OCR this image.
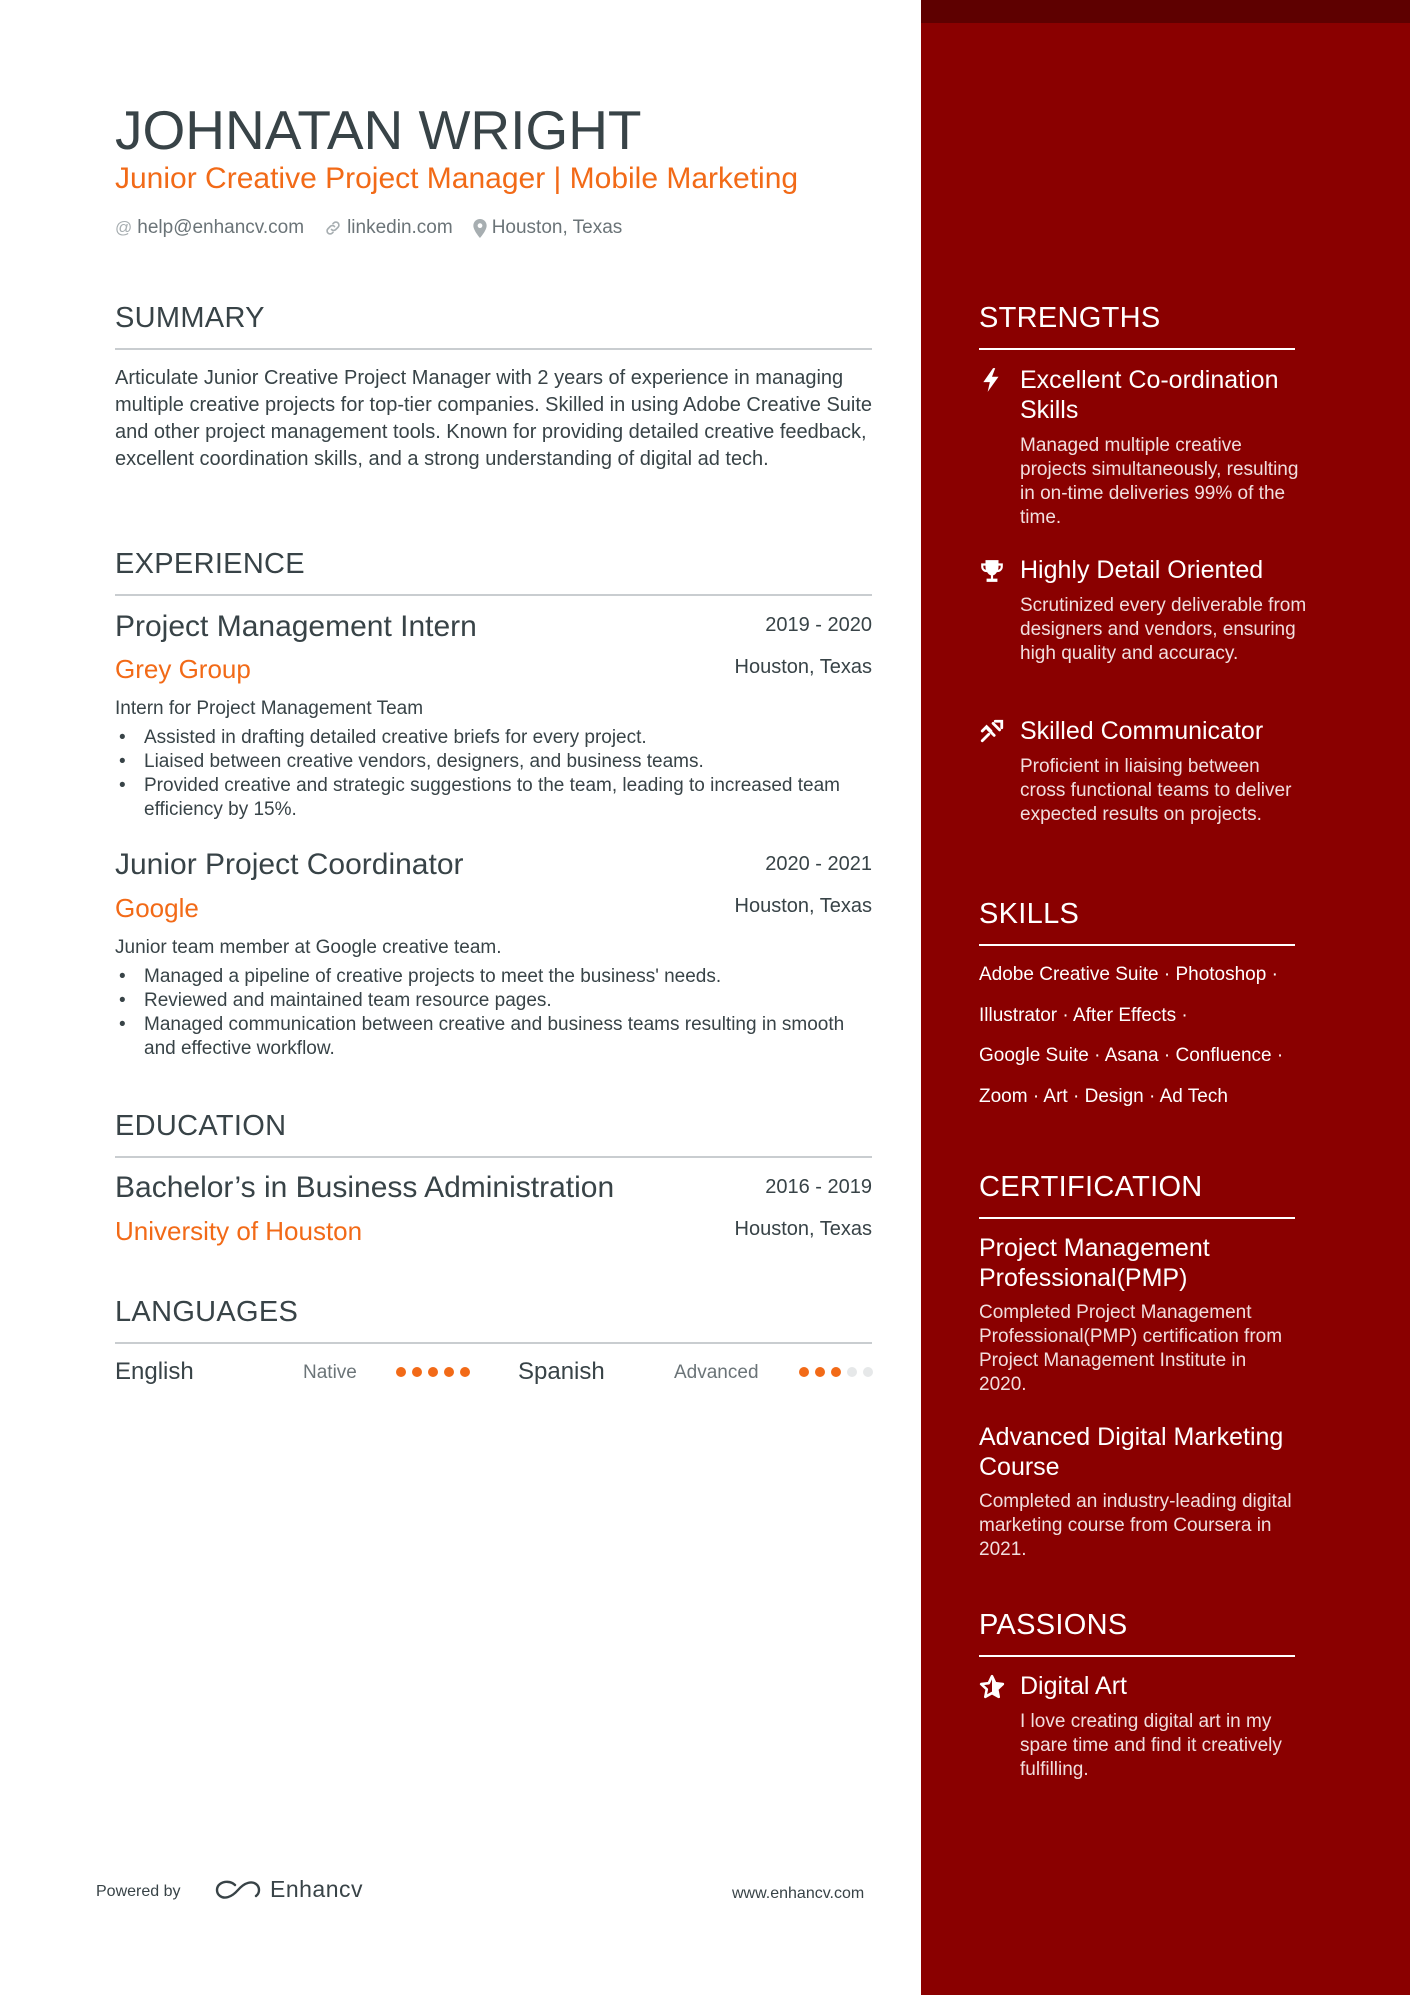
JOHNATAN WRIGHT
Junior Creative Project Manager | Mobile Marketing
@ help@enhancv.com linkedin.com Houston, Texas
SUMMARY
Articulate Junior Creative Project Manager with 2 years of experience in managing multiple creative projects for top-tier companies. Skilled in using Adobe Creative Suite and other project management tools. Known for providing detailed creative feedback, excellent coordination skills, and a strong understanding of digital ad tech.
EXPERIENCE
Project Management Intern	2019 - 2020
Grey Group	Houston, Texas
Intern for Project Management Team
• Assisted in drafting detailed creative briefs for every project.
• Liaised between creative vendors, designers, and business teams.
• Provided creative and strategic suggestions to the team, leading to increased team efficiency by 15%.
Junior Project Coordinator	2020 - 2021
Google	Houston, Texas
Junior team member at Google creative team.
• Managed a pipeline of creative projects to meet the business' needs.
• Reviewed and maintained team resource pages.
• Managed communication between creative and business teams resulting in smooth and effective workflow.
EDUCATION
Bachelor’s in Business Administration	2016 - 2019
University of Houston	Houston, Texas
LANGUAGES
English	Native	Spanish	Advanced
Powered by	Enhancv	www.enhancv.com
STRENGTHS
Excellent Co-ordination Skills
Managed multiple creative projects simultaneously, resulting in on-time deliveries 99% of the time.
Highly Detail Oriented
Scrutinized every deliverable from designers and vendors, ensuring high quality and accuracy.
Skilled Communicator
Proficient in liaising between cross functional teams to deliver expected results on projects.
SKILLS
Adobe Creative Suite · Photoshop ·
Illustrator · After Effects ·
Google Suite · Asana · Confluence ·
Zoom · Art · Design · Ad Tech
CERTIFICATION
Project Management Professional(PMP)
Completed Project Management Professional(PMP) certification from Project Management Institute in 2020.
Advanced Digital Marketing Course
Completed an industry-leading digital marketing course from Coursera in 2021.
PASSIONS
Digital Art
I love creating digital art in my spare time and find it creatively fulfilling.
